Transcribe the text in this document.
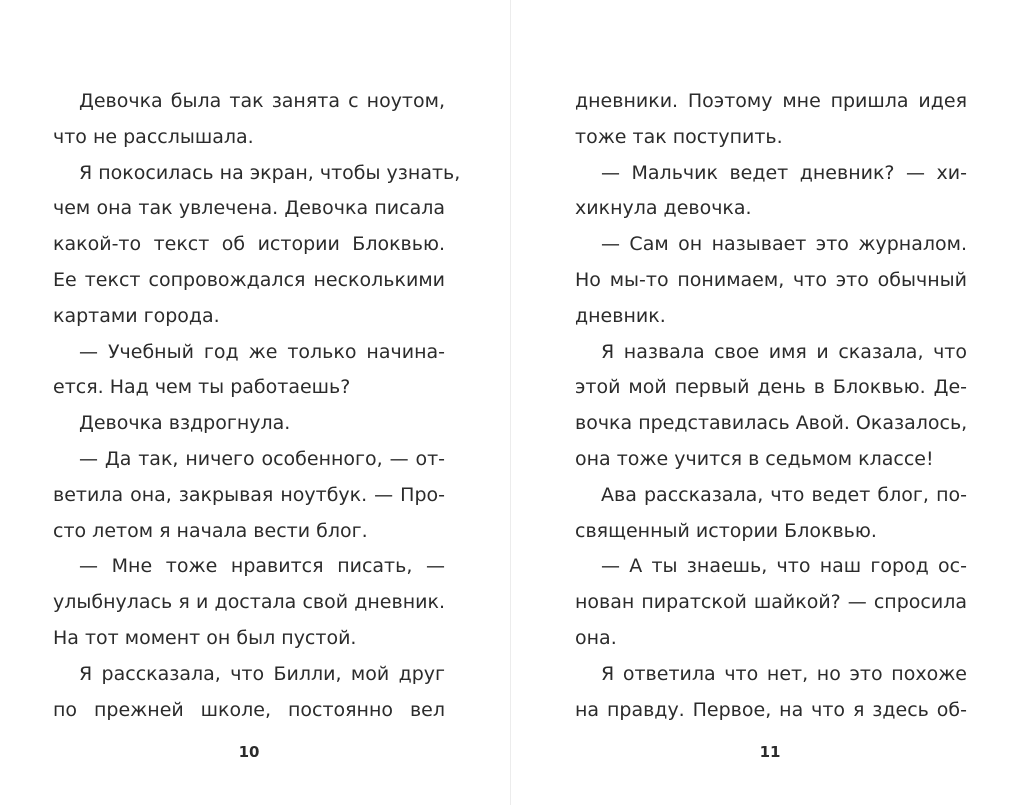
Девочка была так занята с ноутом,
что не расслышала.
Я покосилась на экран, чтобы узнать,
чем она так увлечена. Девочка писала
какой-то текст об истории Блоквью.
Ее текст сопровождался несколькими
картами города.
— Учебный год же только начина-
ется. Над чем ты работаешь?
Девочка вздрогнула.
— Да так, ничего особенного, — от-
ветила она, закрывая ноутбук. — Про-
сто летом я начала вести блог.
— Мне тоже нравится писать, —
улыбнулась я и достала свой дневник.
На тот момент он был пустой.
Я рассказала, что Билли, мой друг
по прежней школе, постоянно вел
дневники. Поэтому мне пришла идея
тоже так поступить.
— Мальчик ведет дневник? — хи-
хикнула девочка.
— Сам он называет это журналом.
Но мы-то понимаем, что это обычный
дневник.
Я назвала свое имя и сказала, что
этой мой первый день в Блоквью. Де-
вочка представилась Авой. Оказалось,
она тоже учится в седьмом классе!
Ава рассказала, что ведет блог, по-
священный истории Блоквью.
— А ты знаешь, что наш город ос-
нован пиратской шайкой? — спросила
она.
Я ответила что нет, но это похоже
на правду. Первое, на что я здесь об-
10	11
